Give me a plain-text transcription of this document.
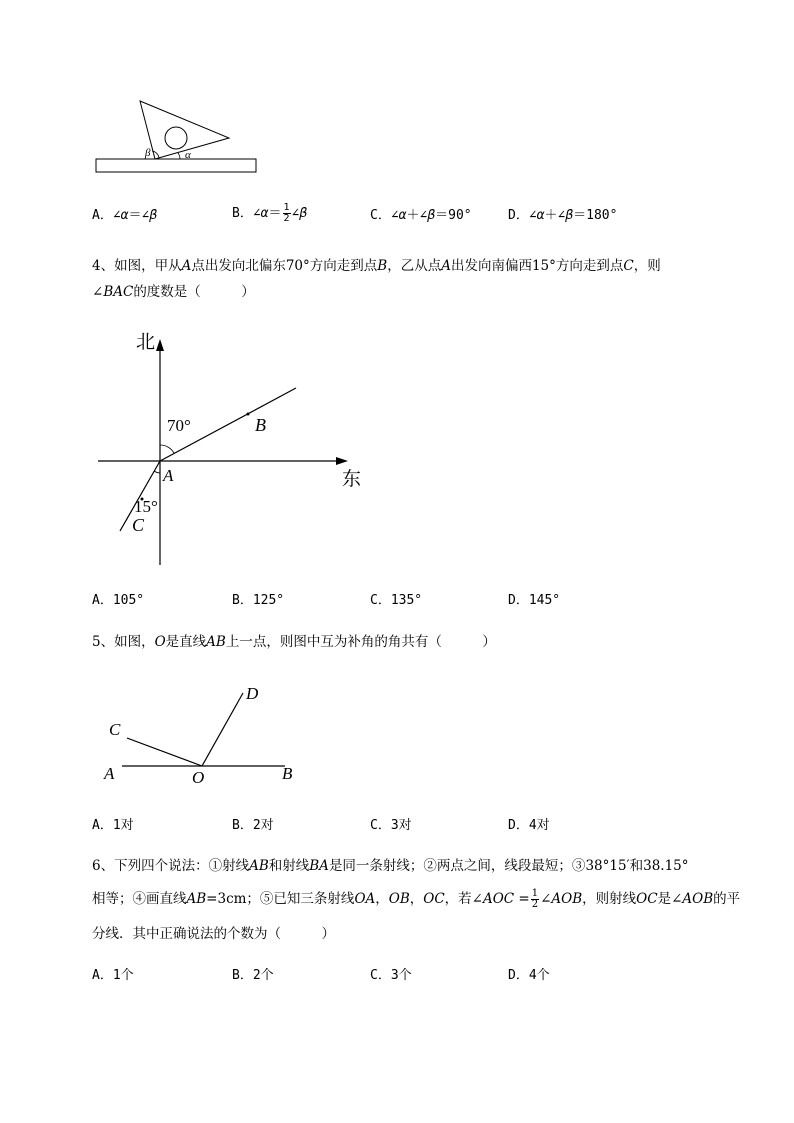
β	α
A．∠α＝∠β	B．∠α＝ $\frac{1}{2}$ ∠β	C．∠α＋∠β＝90°	D．∠α＋∠β＝180°
4、如图，甲从A点出发向北偏东70°方向走到点B，乙从点A出发向南偏西15°方向走到点C，则
∠BAC的度数是（　　　）
北
东
70°
15°
A
B
C
A．105°	B．125°	C．135°	D．145°
5、如图，O是直线AB上一点，则图中互为补角的角共有（　　　）
A	B
C
D
O
A．1对	B．2对	C．3对	D．4对
6、下列四个说法：①射线AB和射线BA是同一条射线；②两点之间，线段最短；③38°15′和38.15°
相等；④画直线AB=3cm；⑤已知三条射线OA，OB，OC，若∠AOC = $\frac{1}{2}$ ∠AOB，则射线OC是∠AOB的平
分线．其中正确说法的个数为（　　　）
A．1个	B．2个	C．3个	D．4个
